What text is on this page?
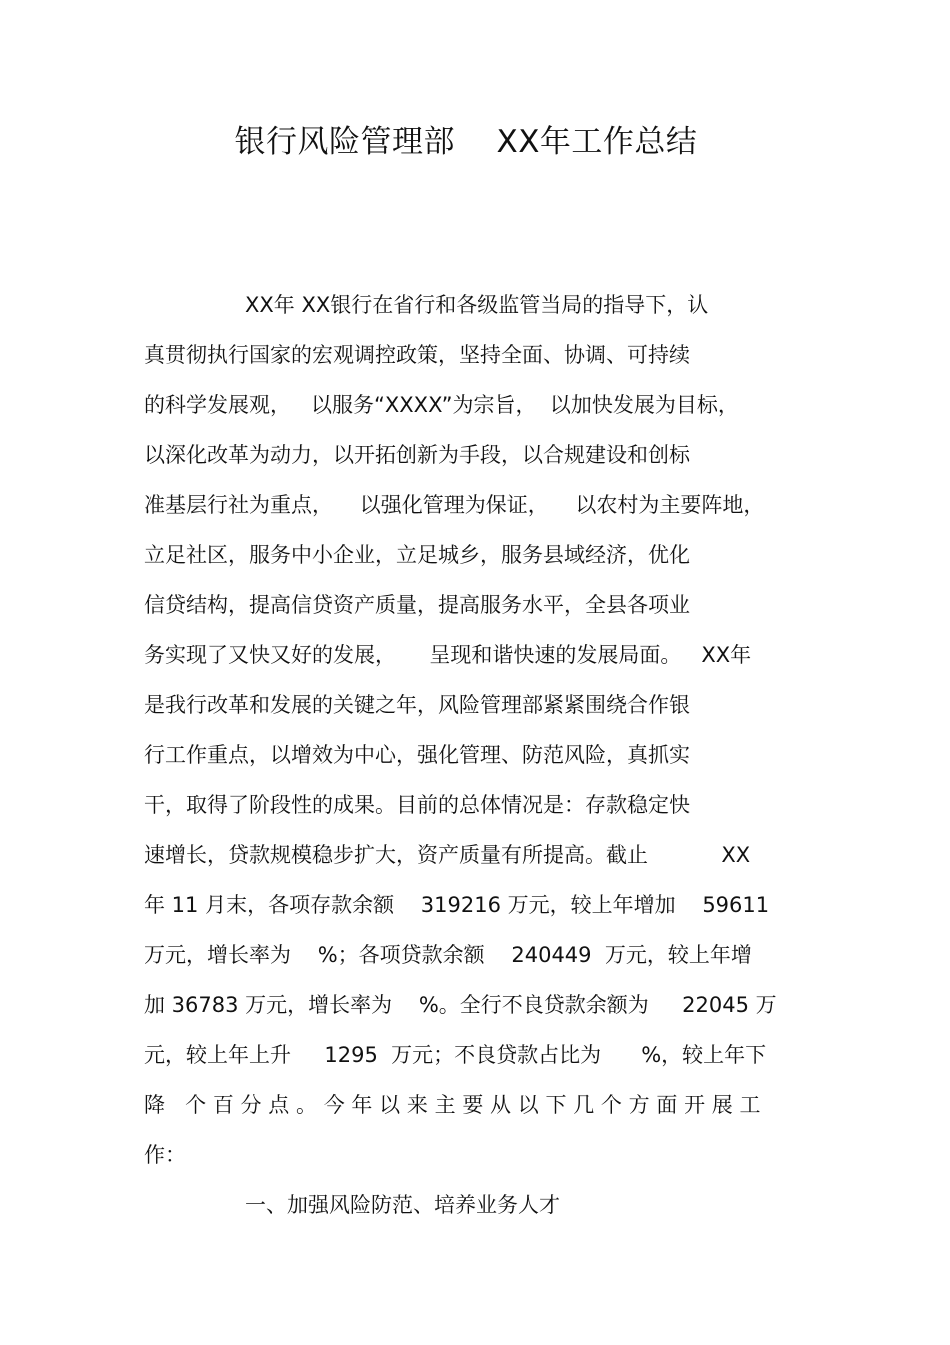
银行风险管理部    XX年工作总结
XX年 XX银行在省行和各级监管当局的指导下，认
真贯彻执行国家的宏观调控政策，坚持全面、协调、可持续
的科学发展观，   以服务“XXXX”为宗旨，  以加快发展为目标，
以深化改革为动力，以开拓创新为手段，以合规建设和创标
准基层行社为重点，    以强化管理为保证，    以农村为主要阵地，
立足社区，服务中小企业，立足城乡，服务县域经济，优化
信贷结构，提高信贷资产质量，提高服务水平，全县各项业
务实现了又快又好的发展，     呈现和谐快速的发展局面。   XX年
是我行改革和发展的关键之年，风险管理部紧紧围绕合作银
行工作重点，以增效为中心，强化管理、防范风险，真抓实
干，取得了阶段性的成果。目前的总体情况是：存款稳定快
速增长，贷款规模稳步扩大，资产质量有所提高。截止           XX
年 11 月末，各项存款余额    319216 万元，较上年增加    59611
万元，增长率为    %；各项贷款余额    240449  万元，较上年增
加 36783 万元，增长率为    %。全行不良贷款余额为     22045 万
元，较上年上升     1295  万元；不良贷款占比为      %，较上年下
降 个百分点。今年以来主要从以下几个方面开展工
作：
一、加强风险防范、培养业务人才
